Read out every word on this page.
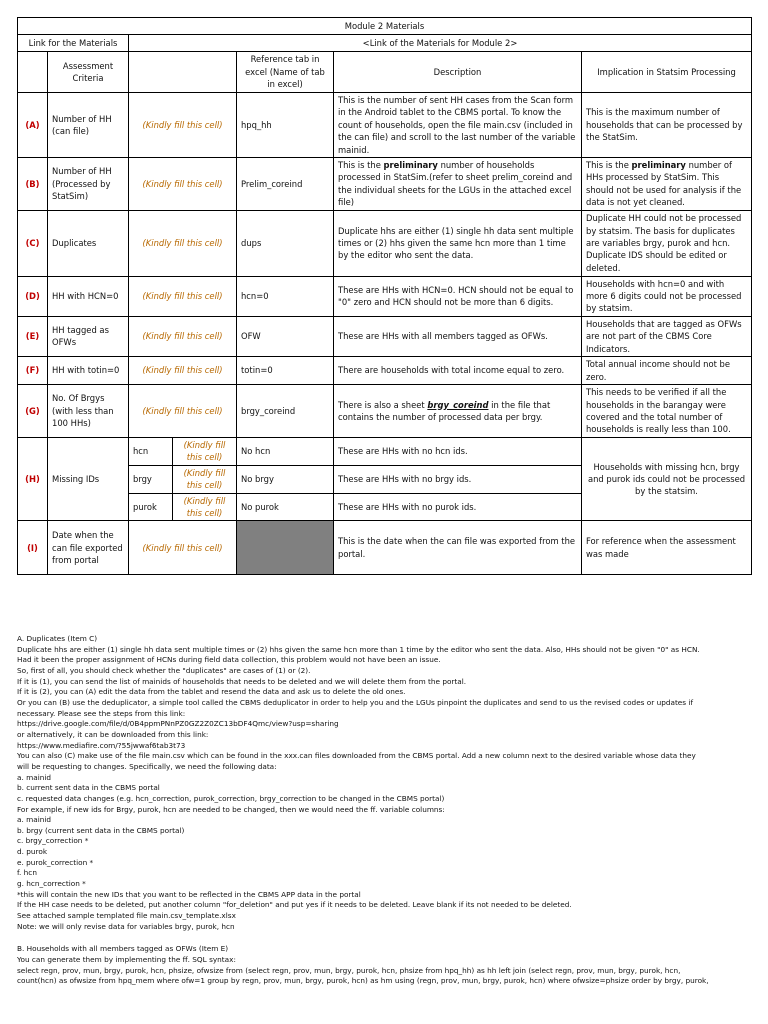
Module 2 Materials						
Link for the Materials		<Link of the Materials for Module 2>				
	Assessment Criteria			Reference tab in excel (Name of tab in excel)	Description	Implication in Statsim Processing
(A)	Number of HH (can file)	(Kindly fill this cell)		hpq_hh	This is the number of sent HH cases from the Scan form in the Android tablet to the CBMS portal. To know the count of households, open the file main.csv (included in the can file) and scroll to the last number of the variable mainid.	This is the maximum number of households that can be processed by the StatSim.
(B)	Number of HH (Processed by StatSim)	(Kindly fill this cell)		Prelim_coreind	This is the preliminary number of households processed in StatSim.(refer to sheet prelim_coreind and the individual sheets for the LGUs in the attached excel file)	This is the preliminary number of HHs processed by StatSim. This should not be used for analysis if the data is not yet cleaned.
(C)	Duplicates	(Kindly fill this cell)		dups	Duplicate hhs are either (1) single hh data sent multiple times or (2) hhs given the same hcn more than 1 time by the editor who sent the data.	Duplicate HH could not be processed by statsim. The basis for duplicates are variables brgy, purok and hcn. Duplicate IDS should be edited or deleted.
(D)	HH with HCN=0	(Kindly fill this cell)		hcn=0	These are HHs with HCN=0. HCN should not be equal to "0" zero and HCN should not be more than 6 digits.	Households with hcn=0 and with more 6 digits could not be processed by statsim.
(E)	HH tagged as OFWs	(Kindly fill this cell)		OFW	These are HHs with all members tagged as OFWs.	Households that are tagged as OFWs are not part of the CBMS Core Indicators.
(F)	HH with totin=0	(Kindly fill this cell)		totin=0	There are households with total income equal to zero.	Total annual income should not be zero.
(G)	No. Of Brgys (with less than 100 HHs)	(Kindly fill this cell)		brgy_coreind	There is also a sheet brgy_coreind in the file that contains the number of processed data per brgy.	This needs to be verified if all the households in the barangay were covered and the total number of households is really less than 100.
(H)	Missing IDs	hcn	(Kindly fill this cell)	No hcn	These are HHs with no hcn ids.	Households with missing hcn, brgy and purok ids could not be processed by the statsim.
		brgy	(Kindly fill this cell)	No brgy	These are HHs with no brgy ids.	
		purok	(Kindly fill this cell)	No purok	These are HHs with no purok ids.	
(I)	Date when the can file exported from portal	(Kindly fill this cell)			This is the date when the can file was exported from the portal.	For reference when the assessment was made
A. Duplicates (Item C)
Duplicate hhs are either (1) single hh data sent multiple times or (2) hhs given the same hcn more than 1 time by the editor who sent the data. Also, HHs should not be given "0" as HCN.
Had it been the proper assignment of HCNs during field data collection, this problem would not have been an issue.
So, first of all, you should check whether the "duplicates" are cases of (1) or (2).
If it is (1), you can send the list of mainids of households that needs to be deleted and we will delete them from the portal.
If it is (2), you can (A) edit the data from the tablet and resend the data and ask us to delete the old ones.
Or you can (B) use the deduplicator, a simple tool called the CBMS deduplicator in order to help you and the LGUs pinpoint the duplicates and send to us the revised codes or updates if
necessary. Please see the steps from this link:
https://drive.google.com/file/d/0B4ppmPNnPZ0GZ2Z0ZC13bDF4Qmc/view?usp=sharing
or alternatively, it can be downloaded from this link:
https://www.mediafire.com/?55jwwaf6tab3t73
You can also (C) make use of the file main.csv which can be found in the xxx.can files downloaded from the CBMS portal. Add a new column next to the desired variable whose data they
will be requesting to changes. Specifically, we need the following data:
a. mainid
b. current sent data in the CBMS portal
c. requested data changes (e.g. hcn_correction, purok_correction, brgy_correction to be changed in the CBMS portal)
For example, if new ids for Brgy, purok, hcn are needed to be changed, then we would need the ff. variable columns:
a. mainid
b. brgy (current sent data in the CBMS portal)
c. brgy_correction *
d. purok
e. purok_correction *
f. hcn
g. hcn_correction *
*this will contain the new IDs that you want to be reflected in the CBMS APP data in the portal
If the HH case needs to be deleted, put another column "for_deletion" and put yes if it needs to be deleted. Leave blank if its not needed to be deleted.
See attached sample templated file main.csv_template.xlsx
Note: we will only revise data for variables brgy, purok, hcn
B. Households with all members tagged as OFWs (Item E)
You can generate them by implementing the ff. SQL syntax:
select regn, prov, mun, brgy, purok, hcn, phsize, ofwsize from (select regn, prov, mun, brgy, purok, hcn, phsize from hpq_hh) as hh left join (select regn, prov, mun, brgy, purok, hcn,
count(hcn) as ofwsize from hpq_mem where ofw=1 group by regn, prov, mun, brgy, purok, hcn) as hm using (regn, prov, mun, brgy, purok, hcn) where ofwsize=phsize order by brgy, purok,
